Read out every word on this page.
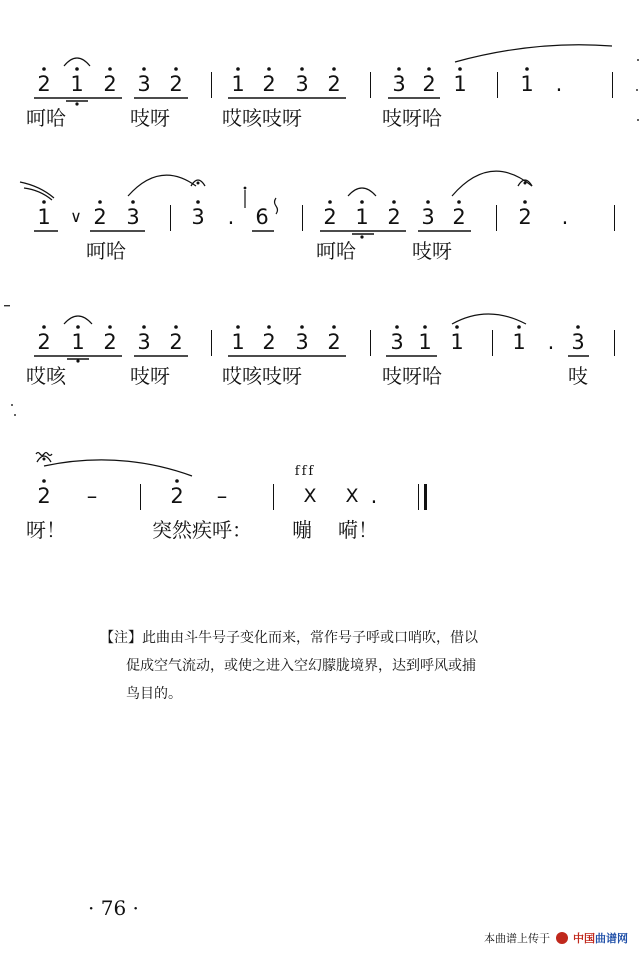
2 1 2 3 2	1 2 3 2	3 2 1	1	.
呵哈	吱呀	哎咳吱呀	吱呀哈
1	∨ 2 3	3	. 6	2 1 2 3 2	2	.
呵哈	呵哈	吱呀
2 1 2 3 2	1 2 3 2	3 1 1	1	. 3
哎咳	吱呀	哎咳吱呀	吱呀哈	吱
2	–	2	–
fff
X	X .
呀！	突然疾呼：	嘣	嗬！
【注】此曲由斗牛号子变化而来，常作号子呼或口哨吹，借以
促成空气流动，或使之进入空幻朦胧境界，达到呼风或捕
鸟目的。
· 76 ·
本曲谱上传于 中国曲谱网
